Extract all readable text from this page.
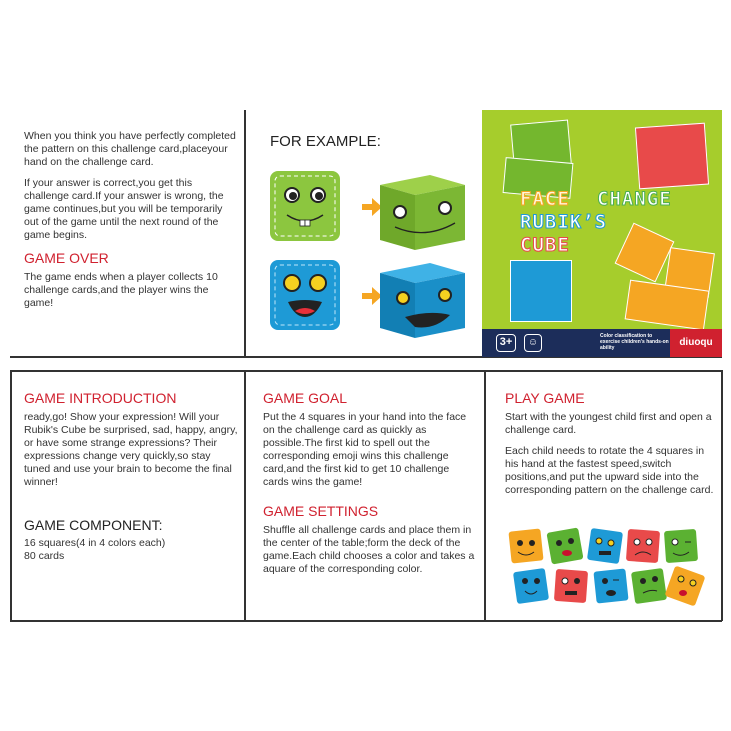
When you think you have perfectly completed the pattern on this challenge card,placeyour hand on the challenge card.

If your answer is correct,you get this challenge card.If your answer is wrong, the game continues,but you will be temporarily out of the game until the next round of the game begins.

GAME OVER

The game ends when a player collects 10 challenge cards,and the player wins the game!

FOR EXAMPLE:
FACE CHANGE
RUBIK’S
CUBE
3+	☺
Color classification to exercise children's hands-on ability	diuoqu
GAME INTRODUCTION

ready,go! Show your expression! Will your Rubik's Cube be surprised, sad, happy, angry, or have some strange expressions? Their expressions change very quickly,so stay tuned and use your brain to become the final winner!

GAME COMPONENT:
16 squares(4 in 4 colors each)
80 cards
GAME GOAL

Put the 4 squares in your hand into the face on the challenge card as quickly as possible.The first kid to spell out the corresponding emoji wins this challenge card,and the first kid to get 10 challenge cards wins the game!

GAME SETTINGS

Shuffle all challenge cards and place them in the center of the table;form the deck of the game.Each child chooses a color and takes a aquare of the corresponding color.

PLAY GAME

Start with the youngest child first and open a challenge card.

Each child needs to rotate the 4 squares in his hand at the fastest speed,switch positions,and put the upward side into the corresponding pattern on the challenge card.
